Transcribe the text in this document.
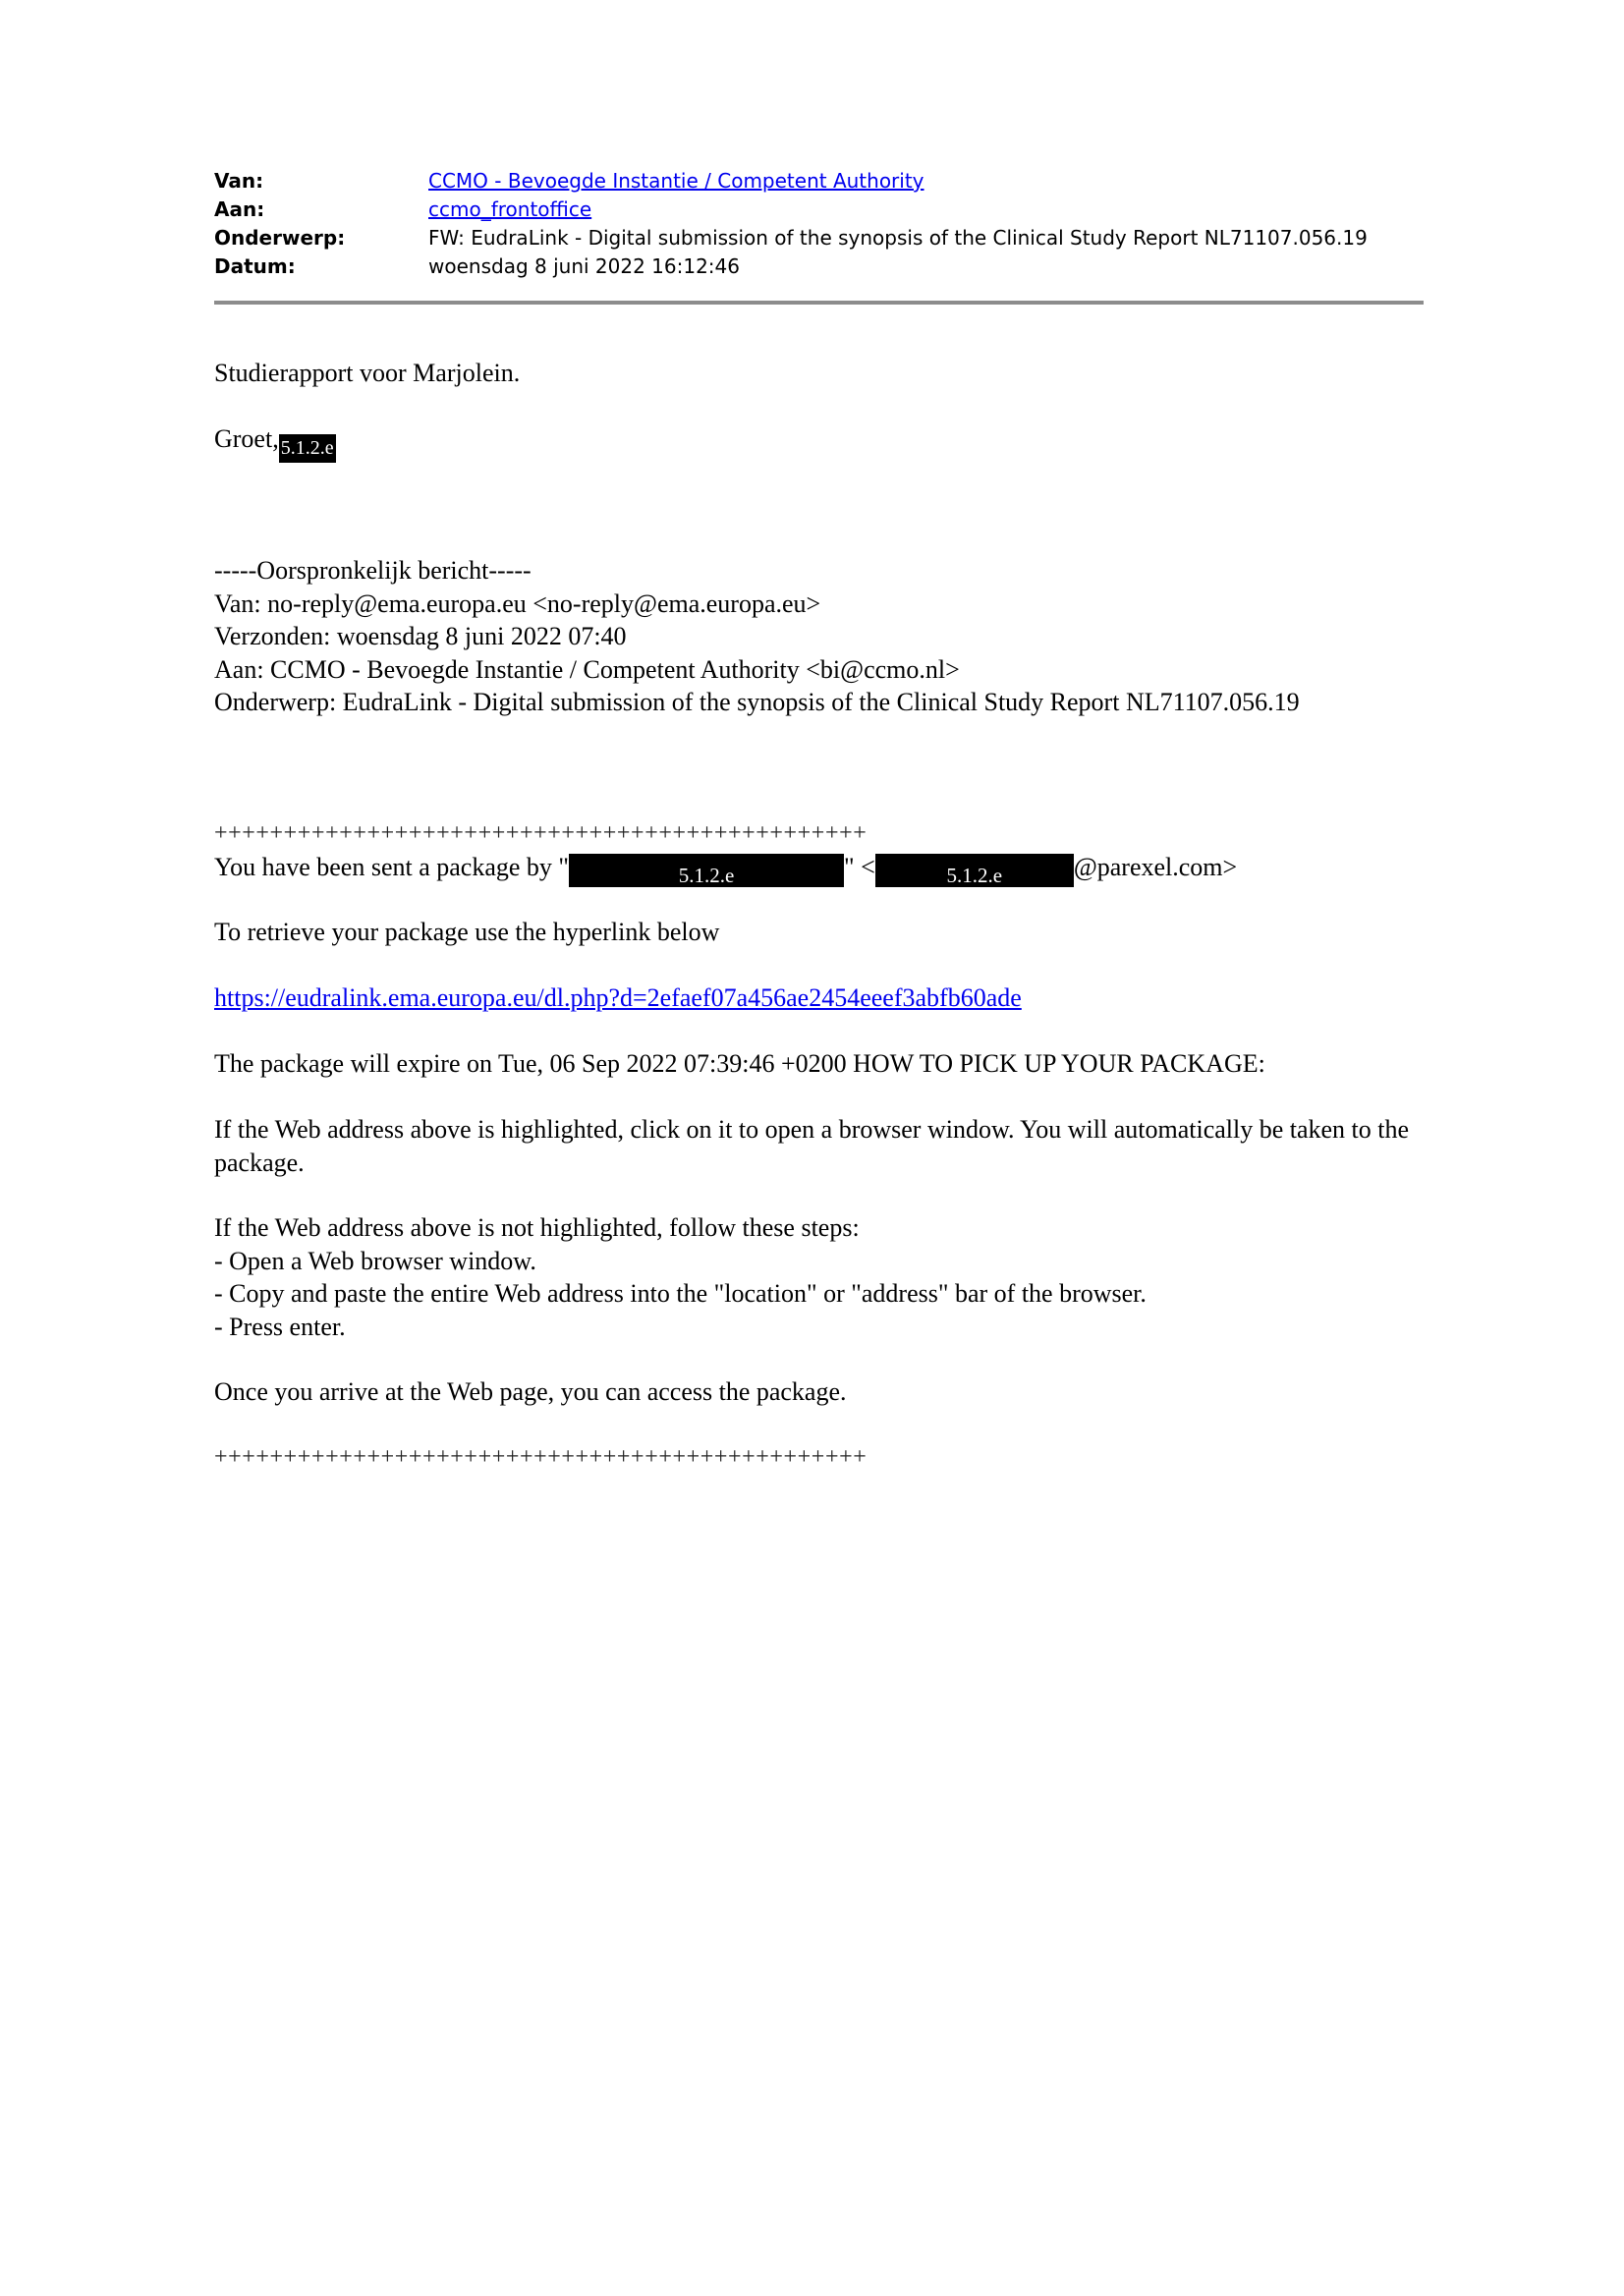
Van:	CCMO - Bevoegde Instantie / Competent Authority
Aan:	ccmo_frontoffice
Onderwerp:	FW: EudraLink - Digital submission of the synopsis of the Clinical Study Report NL71107.056.19
Datum:	woensdag 8 juni 2022 16:12:46
Studierapport voor Marjolein.
Groet, 5.1.2.e
-----Oorspronkelijk bericht-----
Van: no-reply@ema.europa.eu <no-reply@ema.europa.eu>
Verzonden: woensdag 8 juni 2022 07:40
Aan: CCMO - Bevoegde Instantie / Competent Authority <bi@ccmo.nl>
Onderwerp: EudraLink - Digital submission of the synopsis of the Clinical Study Report NL71107.056.19
+++++++++++++++++++++++++++++++++++++++++++++++
You have been sent a package by "	5.1.2.e	" <	5.1.2.e	@parexel.com>
To retrieve your package use the hyperlink below
https://eudralink.ema.europa.eu/dl.php?d=2efaef07a456ae2454eeef3abfb60ade
The package will expire on Tue, 06 Sep 2022 07:39:46 +0200 HOW TO PICK UP YOUR PACKAGE:
If the Web address above is highlighted, click on it to open a browser window. You will automatically be taken to the package.
If the Web address above is not highlighted, follow these steps:
- Open a Web browser window.
- Copy and paste the entire Web address into the "location" or "address" bar of the browser.
- Press enter.
Once you arrive at the Web page, you can access the package.
+++++++++++++++++++++++++++++++++++++++++++++++
